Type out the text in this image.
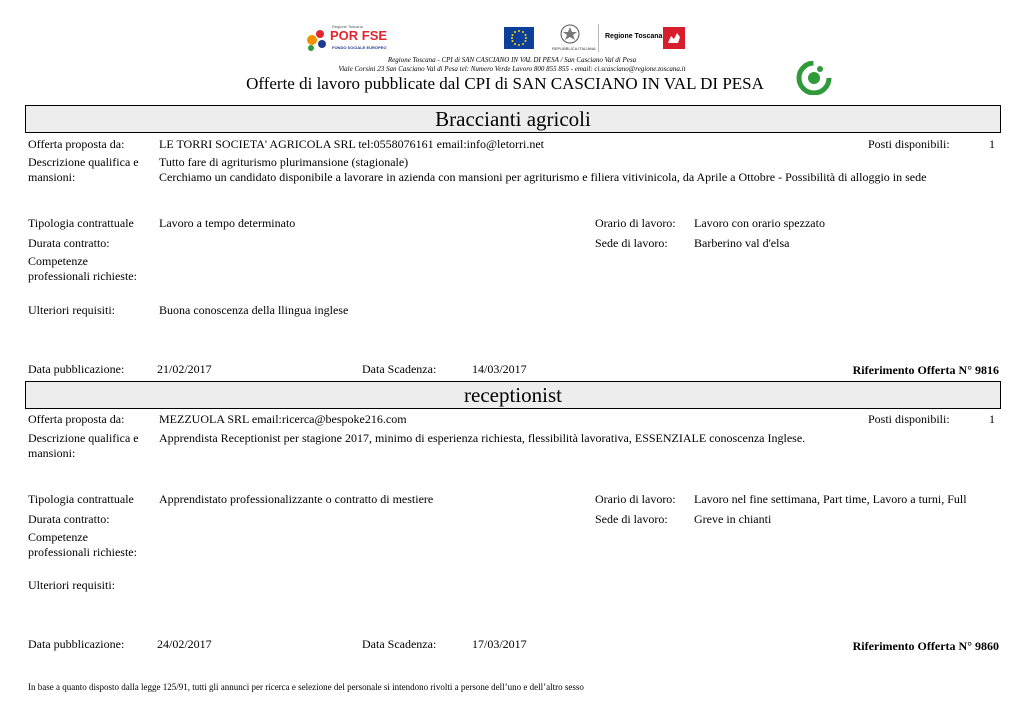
Regione Toscana
POR FSE
FONDO SOCIALE EUROPEO	REPUBBLICA ITALIANA
Regione Toscana
Regione Toscana - CPI di SAN CASCIANO IN VAL DI PESA / San Casciano Val di Pesa
Viale Corsini 23 San Casciano Val di Pesa tel: Numero Verde Lavoro 800 855 855 - email: ci.scasciano@regione.toscana.it
Offerte di lavoro pubblicate dal CPI di SAN CASCIANO IN VAL DI PESA
Braccianti agricoli
Offerta proposta da:	LE TORRI SOCIETA' AGRICOLA SRL tel:0558076161 email:info@letorri.net	Posti disponibili:	1
Descrizione qualifica e
mansioni:
Tutto fare di agriturismo plurimansione (stagionale)
Cerchiamo un candidato disponibile a lavorare in azienda con mansioni per agriturismo e filiera vitivinicola, da Aprile a Ottobre - Possibilità di alloggio in sede
Tipologia contrattuale Lavoro a tempo determinato	Orario di lavoro: Lavoro con orario spezzato
Durata contratto:	Sede di lavoro: Barberino val d'elsa
Competenze
professionali richieste:
Ulteriori requisiti:	Buona conoscenza della llingua inglese
Data pubblicazione:	21/02/2017	Data Scadenza:	14/03/2017	Riferimento Offerta N° 9816
receptionist
Offerta proposta da:	MEZZUOLA SRL email:ricerca@bespoke216.com	Posti disponibili:	1
Descrizione qualifica e
mansioni:
Apprendista Receptionist per stagione 2017, minimo di esperienza richiesta, flessibilità lavorativa, ESSENZIALE conoscenza Inglese.
Tipologia contrattuale Apprendistato professionalizzante o contratto di mestiere	Orario di lavoro: Lavoro nel fine settimana, Part time, Lavoro a turni, Full
Durata contratto:	Sede di lavoro: Greve in chianti
Competenze
professionali richieste:
Ulteriori requisiti:
Data pubblicazione:	24/02/2017	Data Scadenza:	17/03/2017	Riferimento Offerta N° 9860
In base a quanto disposto dalla legge 125/91, tutti gli annunci per ricerca e selezione del personale si intendono rivolti a persone dell’uno e dell’altro sesso
